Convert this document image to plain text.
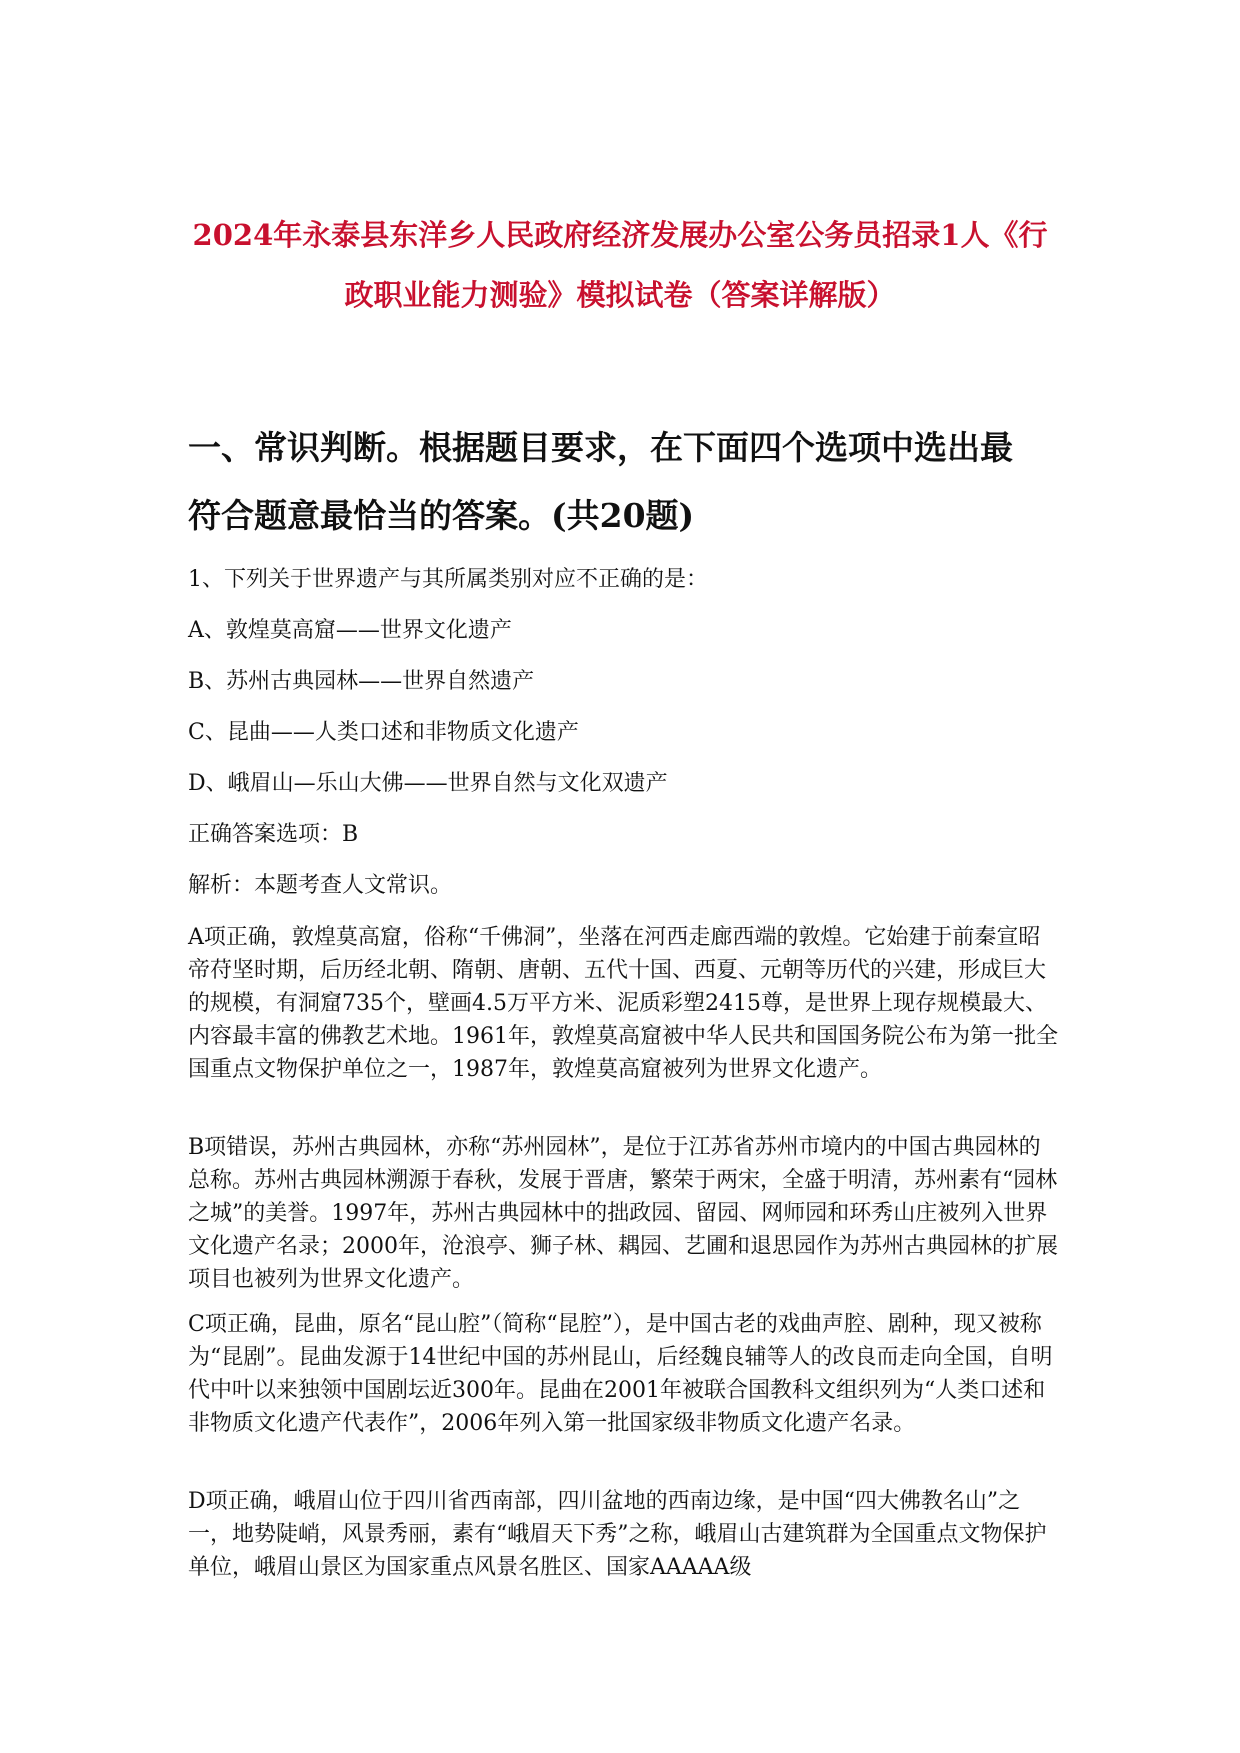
2024年永泰县东洋乡人民政府经济发展办公室公务员招录1人《行
政职业能力测验》模拟试卷（答案详解版）
一、常识判断。根据题目要求，在下面四个选项中选出最
符合题意最恰当的答案。(共20题)
1、下列关于世界遗产与其所属类别对应不正确的是：
A、敦煌莫高窟——世界文化遗产
B、苏州古典园林——世界自然遗产
C、昆曲——人类口述和非物质文化遗产
D、峨眉山—乐山大佛——世界自然与文化双遗产
正确答案选项：B
解析：本题考查人文常识。
A项正确，敦煌莫高窟，俗称“千佛洞”，坐落在河西走廊西端的敦煌。它始建于前秦宣昭帝苻坚时期，后历经北朝、隋朝、唐朝、五代十国、西夏、元朝等历代的兴建，形成巨大的规模，有洞窟735个，壁画4.5万平方米、泥质彩塑2415尊，是世界上现存规模最大、内容最丰富的佛教艺术地。1961年，敦煌莫高窟被中华人民共和国国务院公布为第一批全国重点文物保护单位之一，1987年，敦煌莫高窟被列为世界文化遗产。
B项错误，苏州古典园林，亦称“苏州园林”，是位于江苏省苏州市境内的中国古典园林的总称。苏州古典园林溯源于春秋，发展于晋唐，繁荣于两宋，全盛于明清，苏州素有“园林之城”的美誉。1997年，苏州古典园林中的拙政园、留园、网师园和环秀山庄被列入世界文化遗产名录；2000年，沧浪亭、狮子林、耦园、艺圃和退思园作为苏州古典园林的扩展项目也被列为世界文化遗产。
C项正确，昆曲，原名“昆山腔”（简称“昆腔”），是中国古老的戏曲声腔、剧种，现又被称为“昆剧”。昆曲发源于14世纪中国的苏州昆山，后经魏良辅等人的改良而走向全国，自明代中叶以来独领中国剧坛近300年。昆曲在2001年被联合国教科文组织列为“人类口述和非物质文化遗产代表作”，2006年列入第一批国家级非物质文化遗产名录。
D项正确，峨眉山位于四川省西南部，四川盆地的西南边缘，是中国“四大佛教名山”之一，地势陡峭，风景秀丽，素有“峨眉天下秀”之称，峨眉山古建筑群为全国重点文物保护单位，峨眉山景区为国家重点风景名胜区、国家AAAAA级
